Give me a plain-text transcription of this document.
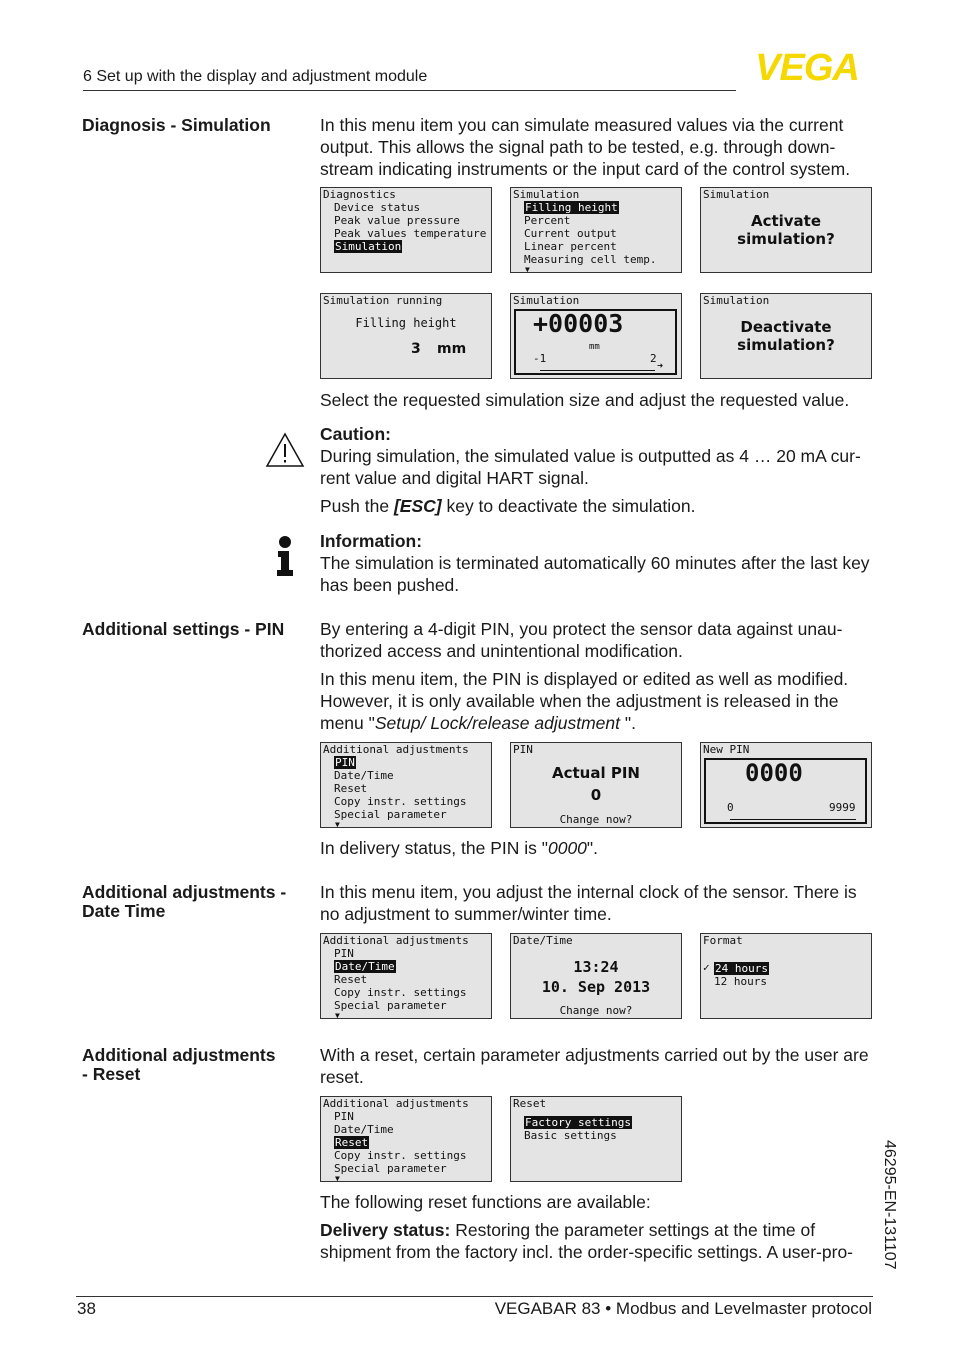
6 Set up with the display and adjustment module	VEGA
Diagnosis - Simulation	In this menu item you can simulate measured values via the current output. This allows the signal path to be tested, e.g. through down-stream indicating instruments or the input card of the control system.
Diagnostics
Device status
Peak value pressure
Peak values temperature
Simulation
Simulation
Filling height
Percent
Current output
Linear percent
Measuring cell temp.
▼
Simulation
Activate
simulation?
Simulation running
Filling height
3 mm
Simulation
+00003
mm
-1	2
➜
Simulation
Deactivate
simulation?
Select the requested simulation size and adjust the requested value.
Caution:
During simulation, the simulated value is outputted as 4 … 20 mA cur-rent value and digital HART signal.
Push the [ESC] key to deactivate the simulation.
Information:
The simulation is terminated automatically 60 minutes after the last key has been pushed.
Additional settings - PIN By entering a 4-digit PIN, you protect the sensor data against unau-thorized access and unintentional modification.
In this menu item, the PIN is displayed or edited as well as modified. However, it is only available when the adjustment is released in the menu "Setup/ Lock/release adjustment ".
Additional adjustments
PIN
Date/Time
Reset
Copy instr. settings
Special parameter
▼
PIN
Actual PIN
0
Change now?
New PIN
0000
0	9999
In delivery status, the PIN is "0000".
Additional adjustments -
Date Time
In this menu item, you adjust the internal clock of the sensor. There is no adjustment to summer/winter time.
Additional adjustments
PIN
Date/Time
Reset
Copy instr. settings
Special parameter
▼
Date/Time
13:24
10. Sep 2013
Change now?
Format
✓ 24 hours
12 hours
Additional adjustments
- Reset
With a reset, certain parameter adjustments carried out by the user are reset.
Additional adjustments
PIN
Date/Time
Reset
Copy instr. settings
Special parameter
▼
Reset
Factory settings
Basic settings
The following reset functions are available:
Delivery status: Restoring the parameter settings at the time of shipment from the factory incl. the order-specific settings. A user-pro-	46295-EN-131107
38	VEGABAR 83 • Modbus and Levelmaster protocol
